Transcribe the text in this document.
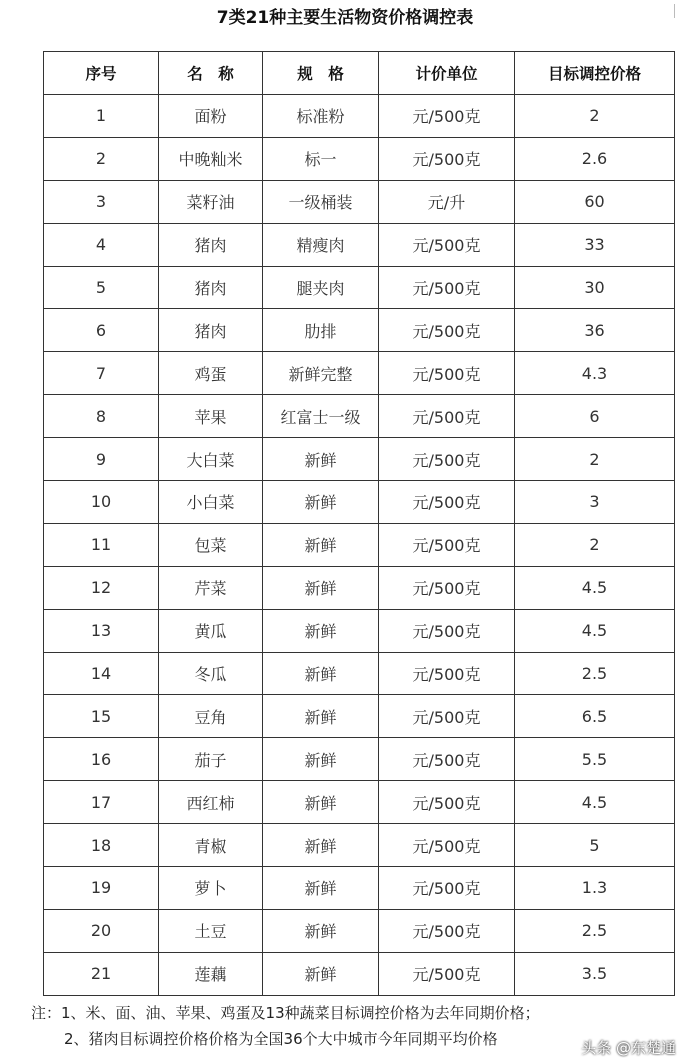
7类21种主要生活物资价格调控表
序号	名　称	规　格	计价单位	目标调控价格
1	面粉	标准粉	元/500克	2
2	中晚籼米	标一	元/500克	2.6
3	菜籽油	一级桶装	元/升	60
4	猪肉	精瘦肉	元/500克	33
5	猪肉	腿夹肉	元/500克	30
6	猪肉	肋排	元/500克	36
7	鸡蛋	新鲜完整	元/500克	4.3
8	苹果	红富士一级	元/500克	6
9	大白菜	新鲜	元/500克	2
10	小白菜	新鲜	元/500克	3
11	包菜	新鲜	元/500克	2
12	芹菜	新鲜	元/500克	4.5
13	黄瓜	新鲜	元/500克	4.5
14	冬瓜	新鲜	元/500克	2.5
15	豆角	新鲜	元/500克	6.5
16	茄子	新鲜	元/500克	5.5
17	西红柿	新鲜	元/500克	4.5
18	青椒	新鲜	元/500克	5
19	萝卜	新鲜	元/500克	1.3
20	土豆	新鲜	元/500克	2.5
21	莲藕	新鲜	元/500克	3.5
注：1、米、面、油、苹果、鸡蛋及13种蔬菜目标调控价格为去年同期价格；
2、猪肉目标调控价格价格为全国36个大中城市今年同期平均价格	头条 @东楚通
